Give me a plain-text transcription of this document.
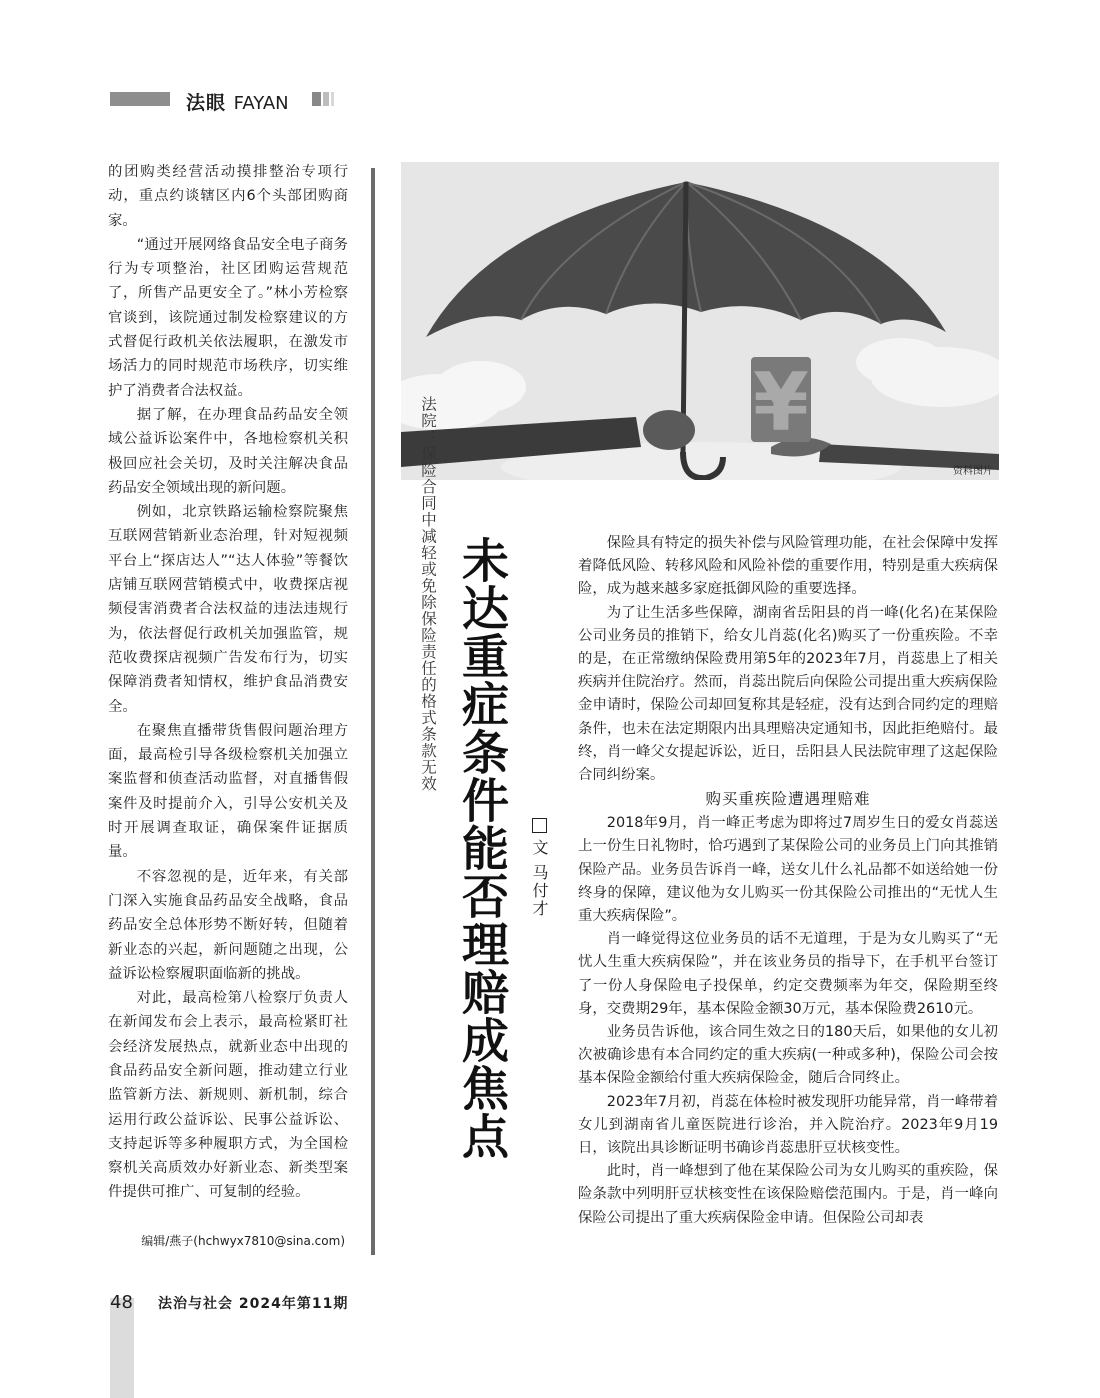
法眼 FAYAN

的团购类经营活动摸排整治专项行动，重点约谈辖区内6个头部团购商家。

“通过开展网络食品安全电子商务行为专项整治，社区团购运营规范了，所售产品更安全了。”林小芳检察官谈到，该院通过制发检察建议的方式督促行政机关依法履职，在激发市场活力的同时规范市场秩序，切实维护了消费者合法权益。

据了解，在办理食品药品安全领域公益诉讼案件中，各地检察机关积极回应社会关切，及时关注解决食品药品安全领域出现的新问题。

例如，北京铁路运输检察院聚焦互联网营销新业态治理，针对短视频平台上“探店达人”“达人体验”等餐饮店铺互联网营销模式中，收费探店视频侵害消费者合法权益的违法违规行为，依法督促行政机关加强监管，规范收费探店视频广告发布行为，切实保障消费者知情权，维护食品消费安全。

在聚焦直播带货售假问题治理方面，最高检引导各级检察机关加强立案监督和侦查活动监督，对直播售假案件及时提前介入，引导公安机关及时开展调查取证，确保案件证据质量。

不容忽视的是，近年来，有关部门深入实施食品药品安全战略，食品药品安全总体形势不断好转，但随着新业态的兴起，新问题随之出现，公益诉讼检察履职面临新的挑战。

对此，最高检第八检察厅负责人在新闻发布会上表示，最高检紧盯社会经济发展热点，就新业态中出现的食品药品安全新问题，推动建立行业监管新方法、新规则、新机制，综合运用行政公益诉讼、民事公益诉讼、支持起诉等多种履职方式，为全国检察机关高质效办好新业态、新类型案件提供可推广、可复制的经验。

编辑/燕子(hchwyx7810@sina.com)
¥
资料图片
法院：保险合同中减轻或免除保险责任的格式条款无效 未达重症条件能否理赔成焦点 文 马付才

保险具有特定的损失补偿与风险管理功能，在社会保障中发挥着降低风险、转移风险和风险补偿的重要作用，特别是重大疾病保险，成为越来越多家庭抵御风险的重要选择。

为了让生活多些保障，湖南省岳阳县的肖一峰(化名)在某保险公司业务员的推销下，给女儿肖蕊(化名)购买了一份重疾险。不幸的是，在正常缴纳保险费用第5年的2023年7月，肖蕊患上了相关疾病并住院治疗。然而，肖蕊出院后向保险公司提出重大疾病保险金申请时，保险公司却回复称其是轻症，没有达到合同约定的理赔条件，也未在法定期限内出具理赔决定通知书，因此拒绝赔付。最终，肖一峰父女提起诉讼，近日，岳阳县人民法院审理了这起保险合同纠纷案。

购买重疾险遭遇理赔难

2018年9月，肖一峰正考虑为即将过7周岁生日的爱女肖蕊送上一份生日礼物时，恰巧遇到了某保险公司的业务员上门向其推销保险产品。业务员告诉肖一峰，送女儿什么礼品都不如送给她一份终身的保障，建议他为女儿购买一份其保险公司推出的“无忧人生重大疾病保险”。

肖一峰觉得这位业务员的话不无道理，于是为女儿购买了“无忧人生重大疾病保险”，并在该业务员的指导下，在手机平台签订了一份人身保险电子投保单，约定交费频率为年交，保险期至终身，交费期29年，基本保险金额30万元，基本保险费2610元。

业务员告诉他，该合同生效之日的180天后，如果他的女儿初次被确诊患有本合同约定的重大疾病(一种或多种)，保险公司会按基本保险金额给付重大疾病保险金，随后合同终止。

2023年7月初，肖蕊在体检时被发现肝功能异常，肖一峰带着女儿到湖南省儿童医院进行诊治，并入院治疗。2023年9月19日，该院出具诊断证明书确诊肖蕊患肝豆状核变性。

此时，肖一峰想到了他在某保险公司为女儿购买的重疾险，保险条款中列明肝豆状核变性在该保险赔偿范围内。于是，肖一峰向保险公司提出了重大疾病保险金申请。但保险公司却表

48 法治与社会 2024年第11期
